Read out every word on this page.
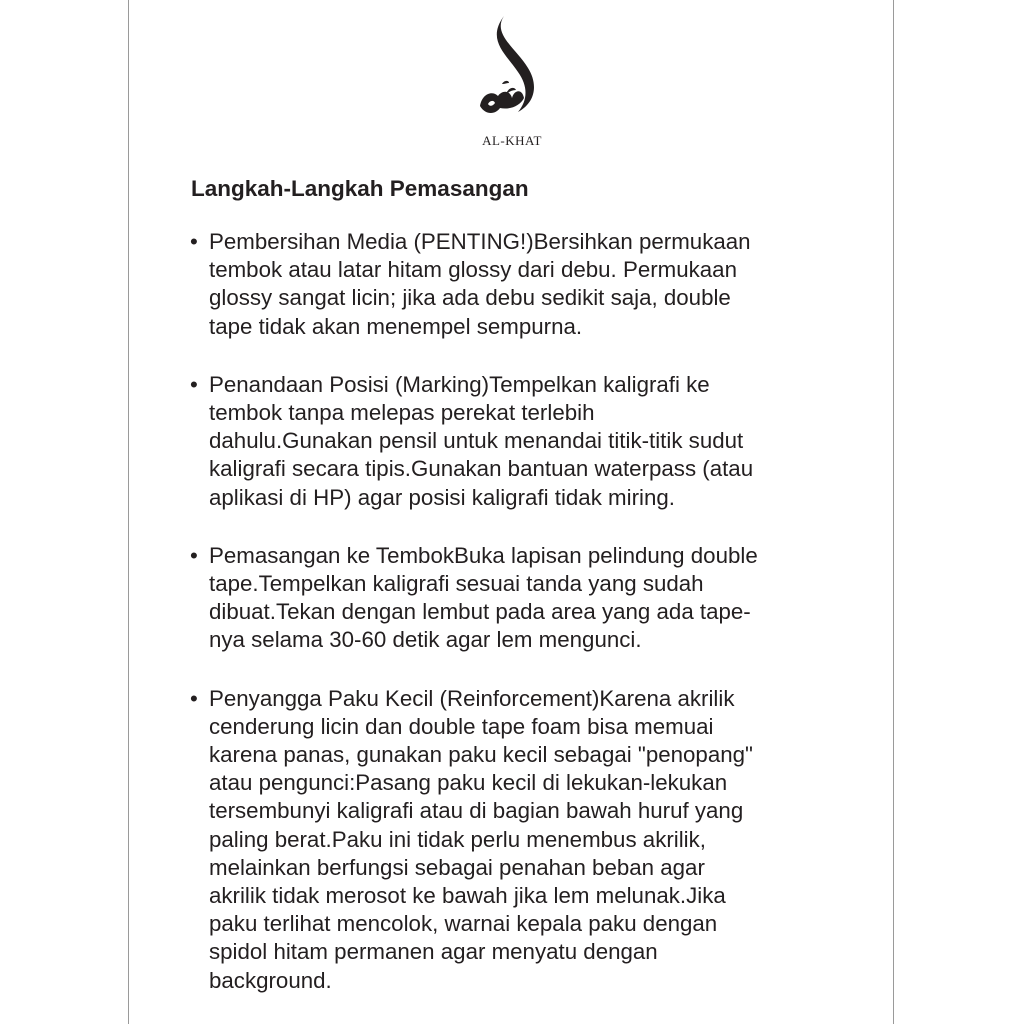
AL-KHAT
Langkah-Langkah Pemasangan
• Pembersihan Media (PENTING!)Bersihkan permukaan
tembok atau latar hitam glossy dari debu. Permukaan
glossy sangat licin; jika ada debu sedikit saja, double
tape tidak akan menempel sempurna.
• Penandaan Posisi (Marking)Tempelkan kaligrafi ke
tembok tanpa melepas perekat terlebih
dahulu.Gunakan pensil untuk menandai titik-titik sudut
kaligrafi secara tipis.Gunakan bantuan waterpass (atau
aplikasi di HP) agar posisi kaligrafi tidak miring.
• Pemasangan ke TembokBuka lapisan pelindung double
tape.Tempelkan kaligrafi sesuai tanda yang sudah
dibuat.Tekan dengan lembut pada area yang ada tape-
nya selama 30-60 detik agar lem mengunci.
• Penyangga Paku Kecil (Reinforcement)Karena akrilik
cenderung licin dan double tape foam bisa memuai
karena panas, gunakan paku kecil sebagai "penopang"
atau pengunci:Pasang paku kecil di lekukan-lekukan
tersembunyi kaligrafi atau di bagian bawah huruf yang
paling berat.Paku ini tidak perlu menembus akrilik,
melainkan berfungsi sebagai penahan beban agar
akrilik tidak merosot ke bawah jika lem melunak.Jika
paku terlihat mencolok, warnai kepala paku dengan
spidol hitam permanen agar menyatu dengan
background.
